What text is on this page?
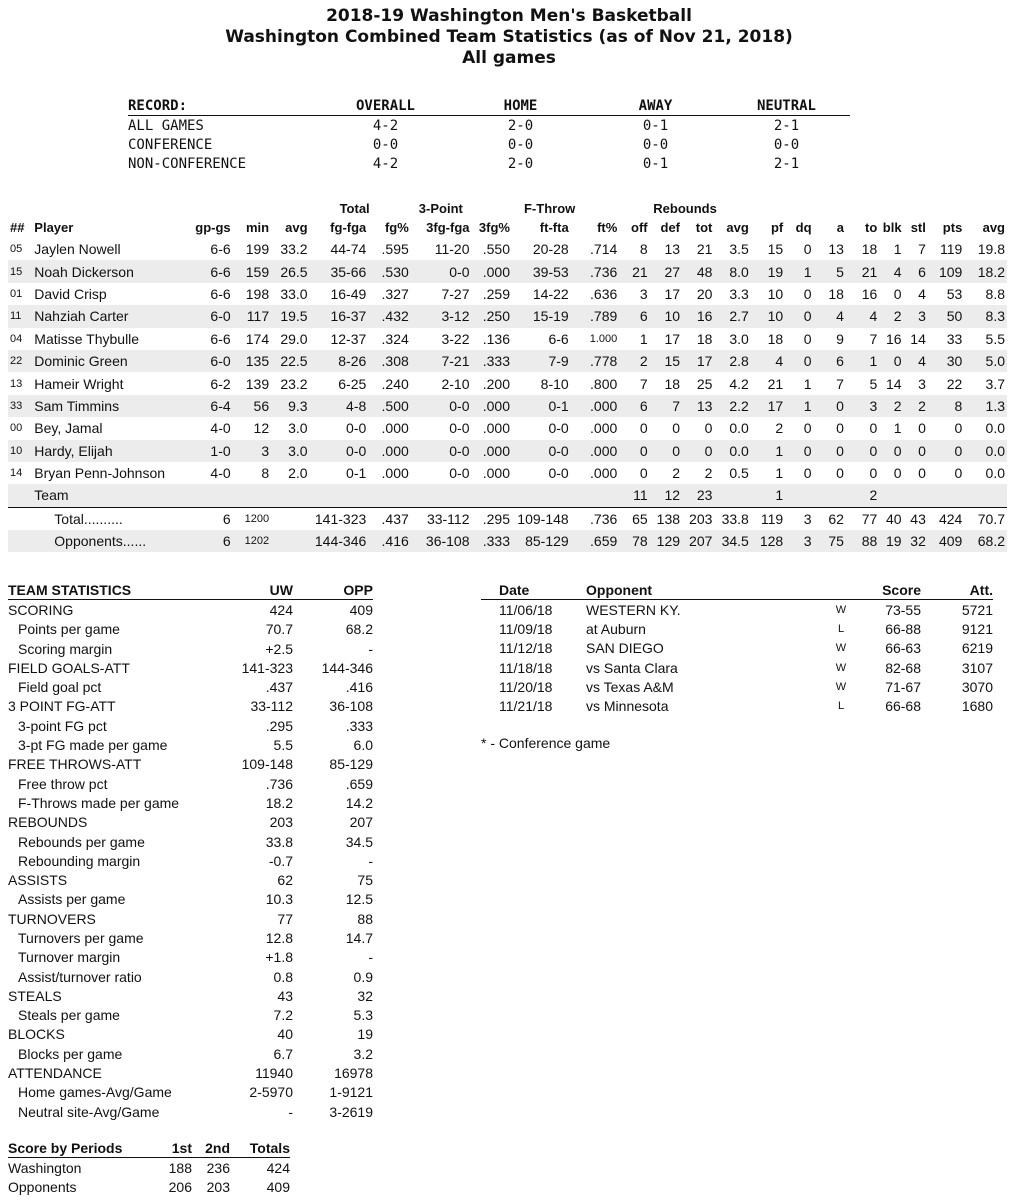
2018-19 Washington Men's Basketball
Washington Combined Team Statistics (as of Nov 21, 2018)
All games
RECORD:	OVERALL	HOME	AWAY	NEUTRAL
ALL GAMES	4-2	2-0	0-1	2-1
CONFERENCE	0-0	0-0	0-0	0-0
NON-CONFERENCE	4-2	2-0	0-1	2-1
					Total		3-Point		F-Throw		Rebounds											
##	Player	gp-gs	min	avg	fg-fga	fg%	3fg-fga	3fg%	ft-fta	ft%	off	def	tot	avg	pf	dq	a	to	blk	stl	pts	avg
05	Jaylen Nowell	6-6	199	33.2	44-74	.595	11-20	.550	20-28	.714	8	13	21	3.5	15	0	13	18	1	7	119	19.8
15	Noah Dickerson	6-6	159	26.5	35-66	.530	0-0	.000	39-53	.736	21	27	48	8.0	19	1	5	21	4	6	109	18.2
01	David Crisp	6-6	198	33.0	16-49	.327	7-27	.259	14-22	.636	3	17	20	3.3	10	0	18	16	0	4	53	8.8
11	Nahziah Carter	6-0	117	19.5	16-37	.432	3-12	.250	15-19	.789	6	10	16	2.7	10	0	4	4	2	3	50	8.3
04	Matisse Thybulle	6-6	174	29.0	12-37	.324	3-22	.136	6-6	1.000	1	17	18	3.0	18	0	9	7	16	14	33	5.5
22	Dominic Green	6-0	135	22.5	8-26	.308	7-21	.333	7-9	.778	2	15	17	2.8	4	0	6	1	0	4	30	5.0
13	Hameir Wright	6-2	139	23.2	6-25	.240	2-10	.200	8-10	.800	7	18	25	4.2	21	1	7	5	14	3	22	3.7
33	Sam Timmins	6-4	56	9.3	4-8	.500	0-0	.000	0-1	.000	6	7	13	2.2	17	1	0	3	2	2	8	1.3
00	Bey, Jamal	4-0	12	3.0	0-0	.000	0-0	.000	0-0	.000	0	0	0	0.0	2	0	0	0	1	0	0	0.0
10	Hardy, Elijah	1-0	3	3.0	0-0	.000	0-0	.000	0-0	.000	0	0	0	0.0	1	0	0	0	0	0	0	0.0
14	Bryan Penn-Johnson	4-0	8	2.0	0-1	.000	0-0	.000	0-0	.000	0	2	2	0.5	1	0	0	0	0	0	0	0.0
	Team										11	12	23		1			2				
	Total..........	6	1200		141-323	.437	33-112	.295	109-148	.736	65	138	203	33.8	119	3	62	77	40	43	424	70.7
	Opponents......	6	1202		144-346	.416	36-108	.333	85-129	.659	78	129	207	34.5	128	3	75	88	19	32	409	68.2
TEAM STATISTICS	UW	OPP
SCORING	424	409
Points per game	70.7	68.2
Scoring margin	+2.5	-
FIELD GOALS-ATT	141-323	144-346
Field goal pct	.437	.416
3 POINT FG-ATT	33-112	36-108
3-point FG pct	.295	.333
3-pt FG made per game	5.5	6.0
FREE THROWS-ATT	109-148	85-129
Free throw pct	.736	.659
F-Throws made per game	18.2	14.2
REBOUNDS	203	207
Rebounds per game	33.8	34.5
Rebounding margin	-0.7	-
ASSISTS	62	75
Assists per game	10.3	12.5
TURNOVERS	77	88
Turnovers per game	12.8	14.7
Turnover margin	+1.8	-
Assist/turnover ratio	0.8	0.9
STEALS	43	32
Steals per game	7.2	5.3
BLOCKS	40	19
Blocks per game	6.7	3.2
ATTENDANCE	11940	16978
Home games-Avg/Game	2-5970	1-9121
Neutral site-Avg/Game	-	3-2619
Score by Periods	1st	2nd	Totals
Washington	188	236	424
Opponents	206	203	409
Date	Opponent		Score	Att.
11/06/18	WESTERN KY.	W	73-55	5721
11/09/18	at Auburn	L	66-88	9121
11/12/18	SAN DIEGO	W	66-63	6219
11/18/18	vs Santa Clara	W	82-68	3107
11/20/18	vs Texas A&M	W	71-67	3070
11/21/18	vs Minnesota	L	66-68	1680
* - Conference game
